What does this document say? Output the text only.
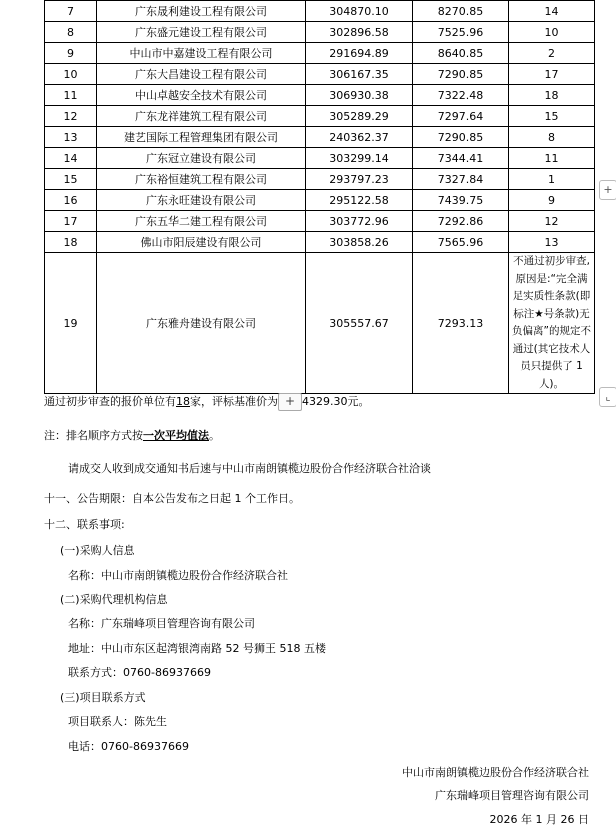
7	广东晟利建设工程有限公司	304870.10	8270.85	14
8	广东盛元建设工程有限公司	302896.58	7525.96	10
9	中山市中嘉建设工程有限公司	291694.89	8640.85	2
10	广东大昌建设工程有限公司	306167.35	7290.85	17
11	中山卓越安全技术有限公司	306930.38	7322.48	18
12	广东龙祥建筑工程有限公司	305289.29	7297.64	15
13	建艺国际工程管理集团有限公司	240362.37	7290.85	8
14	广东冠立建设有限公司	303299.14	7344.41	11
15	广东裕恒建筑工程有限公司	293797.23	7327.84	1
16	广东永旺建设有限公司	295122.58	7439.75	9
17	广东五华二建工程有限公司	303772.96	7292.86	12
18	佛山市阳辰建设有限公司	303858.26	7565.96	13
19	广东雅舟建设有限公司	305557.67	7293.13	不通过初步审查,原因是:“完全满足实质性条款(即标注★号条款)无负偏离”的规定不通过(其它技术人员只提供了 1 人)。
+
⌞
通过初步审查的报价单位有18家，评标基准价为 + 4329.30元。
注：排名顺序方式按一次平均值法。
请成交人收到成交通知书后速与中山市南朗镇榄边股份合作经济联合社洽谈
十一、公告期限：自本公告发布之日起 1 个工作日。
十二、联系事项:
(一)采购人信息
名称：中山市南朗镇榄边股份合作经济联合社
(二)采购代理机构信息
名称：广东瑞峰项目管理咨询有限公司
地址：中山市东区起湾银湾南路 52 号狮王 518 五楼
联系方式：0760-86937669
(三)项目联系方式
项目联系人：陈先生
电话：0760-86937669
中山市南朗镇榄边股份合作经济联合社
广东瑞峰项目管理咨询有限公司
2026 年 1 月 26 日
